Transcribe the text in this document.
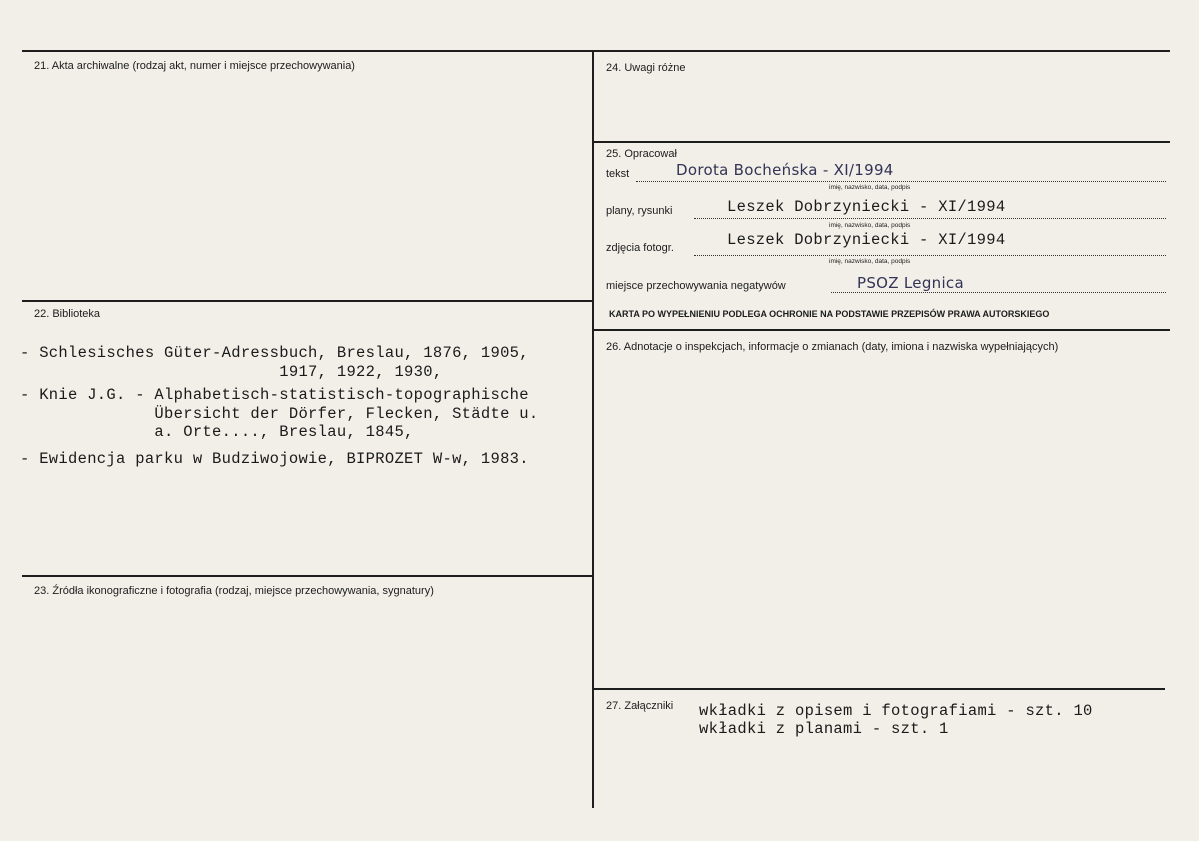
21. Akta archiwalne (rodzaj akt, numer i miejsce przechowywania)
22. Biblioteka
- Schlesisches Güter-Adressbuch, Breslau, 1876, 1905,
1917, 1922, 1930,
- Knie J.G. - Alphabetisch-statistisch-topographische
Übersicht der Dörfer, Flecken, Städte u.
a. Orte...., Breslau, 1845,
- Ewidencja parku w Budziwojowie, BIPROZET W-w, 1983.
23. Źródła ikonograficzne i fotografia (rodzaj, miejsce przechowywania, sygnatury)
24. Uwagi różne
25. Opracował
tekst	Dorota Bocheńska - XI/1994
imię, nazwisko, data, podpis
plany, rysunki	Leszek Dobrzyniecki - XI/1994
imię, nazwisko, data, podpis
zdjęcia fotogr.	Leszek Dobrzyniecki - XI/1994
imię, nazwisko, data, podpis
miejsce przechowywania negatywów	PSOZ Legnica
KARTA PO WYPEŁNIENIU PODLEGA OCHRONIE NA PODSTAWIE PRZEPISÓW PRAWA AUTORSKIEGO
26. Adnotacje o inspekcjach, informacje o zmianach (daty, imiona i nazwiska wypełniających)
27. Załączniki wkładki z opisem i fotografiami - szt. 10
wkładki z planami - szt. 1
